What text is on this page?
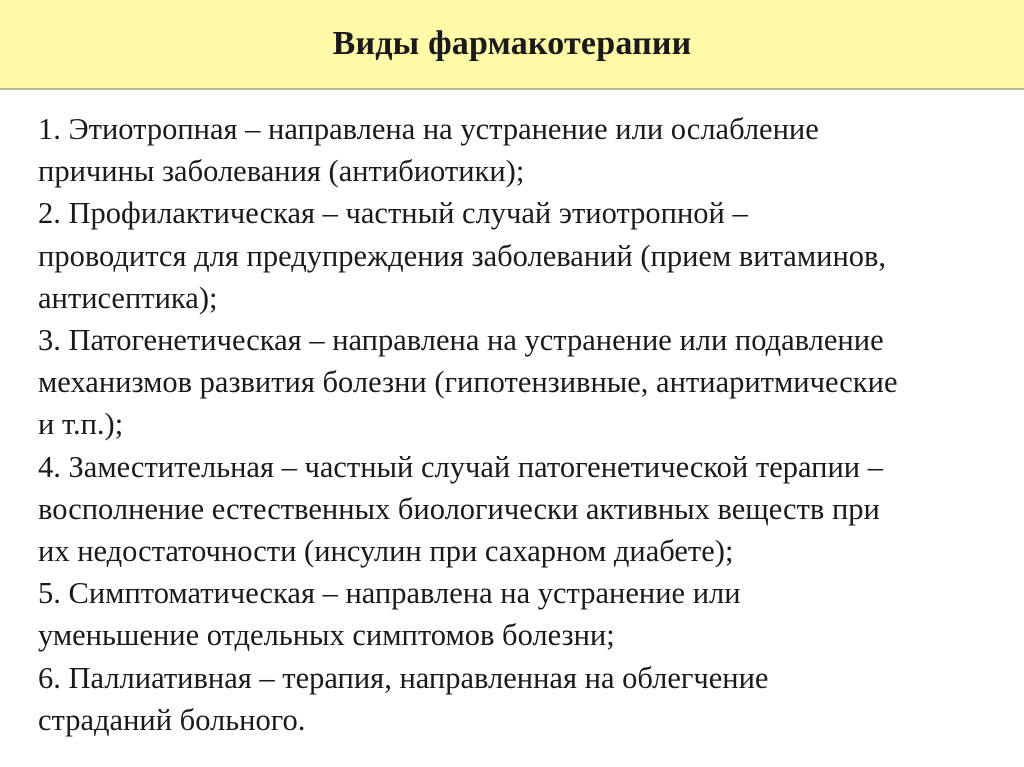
Виды фармакотерапии
1. Этиотропная – направлена на устранение или ослабление
причины заболевания (антибиотики);
2. Профилактическая – частный случай этиотропной –
проводится для предупреждения заболеваний (прием витаминов,
антисептика);
3. Патогенетическая – направлена на устранение или подавление
механизмов развития болезни (гипотензивные, антиаритмические
и т.п.);
4. Заместительная – частный случай патогенетической терапии –
восполнение естественных биологически активных веществ при
их недостаточности (инсулин при сахарном диабете);
5. Симптоматическая – направлена на устранение или
уменьшение отдельных симптомов болезни;
6. Паллиативная – терапия, направленная на облегчение
страданий больного.
